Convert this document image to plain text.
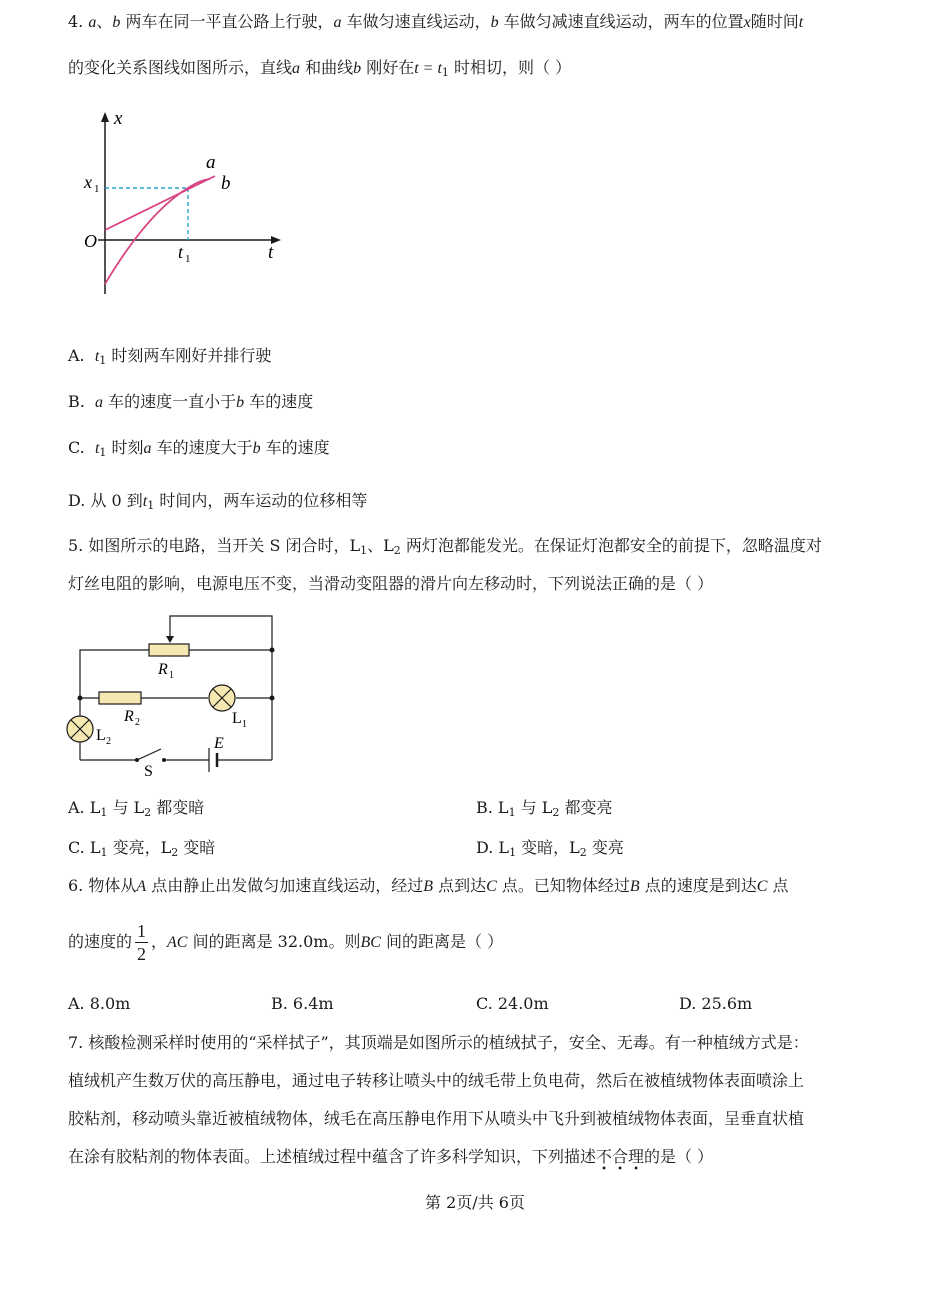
4. a、b 两车在同一平直公路上行驶，a 车做匀速直线运动，b 车做匀减速直线运动，两车的位置x随时间t
的变化关系图线如图所示，直线a 和曲线b 刚好在$t = t_1$ 时相切，则（ ）
x
t
O
x 1
t 1
a
b
A. $t_1$ 时刻两车刚好并排行驶
B. a 车的速度一直小于b 车的速度
C. $t_1$ 时刻a 车的速度大于b 车的速度
D. 从 0 到$t_1$ 时间内，两车运动的位移相等
5. 如图所示的电路，当开关 S 闭合时，$L_1$、$L_2$ 两灯泡都能发光。在保证灯泡都安全的前提下，忽略温度对
灯丝电阻的影响，电源电压不变，当滑动变阻器的滑片向左移动时，下列说法正确的是（ ）
R 1
R 2	L 1
L 2	E
S
A. $L_1$ 与 $L_2$ 都变暗	B. $L_1$ 与 $L_2$ 都变亮
C. $L_1$ 变亮，$L_2$ 变暗	D. $L_1$ 变暗，$L_2$ 变亮
6. 物体从A 点由静止出发做匀加速直线运动，经过B 点到达C 点。已知物体经过B 点的速度是到达C 点
的速度的 $\frac{1}{2}$ ，AC 间的距离是 32.0m。则BC 间的距离是（ ）
A. 8.0m	B. 6.4m	C. 24.0m	D. 25.6m
7. 核酸检测采样时使用的“采样拭子”，其顶端是如图所示的植绒拭子，安全、无毒。有一种植绒方式是：
植绒机产生数万伏的高压静电，通过电子转移让喷头中的绒毛带上负电荷，然后在被植绒物体表面喷涂上
胶粘剂，移动喷头靠近被植绒物体，绒毛在高压静电作用下从喷头中飞升到被植绒物体表面，呈垂直状植
在涂有胶粘剂的物体表面。上述植绒过程中蕴含了许多科学知识，下列描述不合理
• • •
的是（ ）
第 2页/共 6页
